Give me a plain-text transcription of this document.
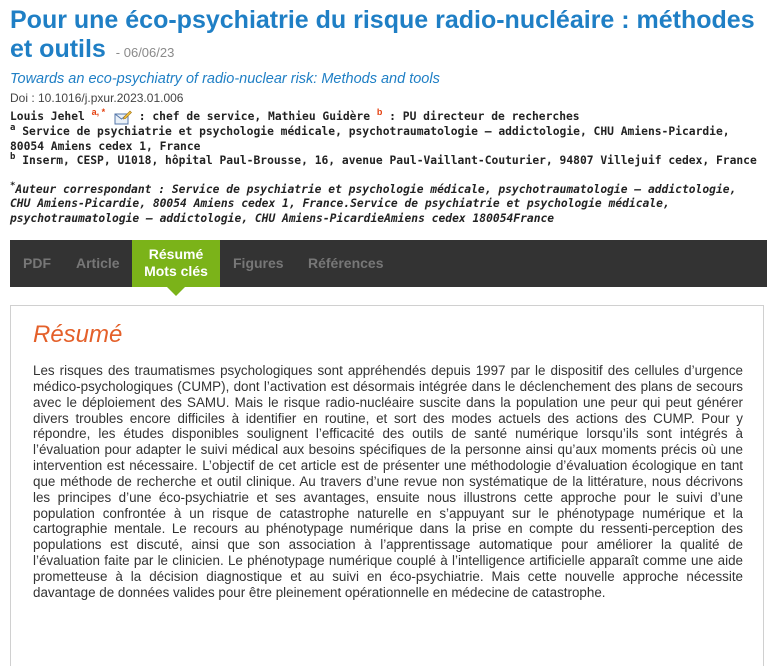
Pour une éco-psychiatrie du risque radio-nucléaire : méthodes et outils - 06/06/23
Towards an eco-psychiatry of radio-nuclear risk: Methods and tools
Doi : 10.1016/j.pxur.2023.01.006
Louis Jehel $^{a, *}$	: chef de service, Mathieu Guidère $^b$ : PU directeur de recherches
$^a$ Service de psychiatrie et psychologie médicale, psychotraumatologie – addictologie, CHU Amiens-Picardie, 80054 Amiens cedex 1, France
$^b$ Inserm, CESP, U1018, hôpital Paul-Brousse, 16, avenue Paul-Vaillant-Couturier, 94807 Villejuif cedex, France
*Auteur correspondant : Service de psychiatrie et psychologie médicale, psychotraumatologie – addictologie, CHU Amiens-Picardie, 80054 Amiens cedex 1, France.Service de psychiatrie et psychologie médicale, psychotraumatologie – addictologie, CHU Amiens-PicardieAmiens cedex 180054France
PDF Article
Résumé
Mots clés	Figures Références
Résumé

Les risques des traumatismes psychologiques sont appréhendés depuis 1997 par le dispositif des cellules d’urgence médico-psychologiques (CUMP), dont l’activation est désormais intégrée dans le déclenchement des plans de secours avec le déploiement des SAMU. Mais le risque radio-nucléaire suscite dans la population une peur qui peut générer divers troubles encore difficiles à identifier en routine, et sort des modes actuels des actions des CUMP. Pour y répondre, les études disponibles soulignent l’efficacité des outils de santé numérique lorsqu’ils sont intégrés à l’évaluation pour adapter le suivi médical aux besoins spécifiques de la personne ainsi qu’aux moments précis où une intervention est nécessaire. L’objectif de cet article est de présenter une méthodologie d’évaluation écologique en tant que méthode de recherche et outil clinique. Au travers d’une revue non systématique de la littérature, nous décrivons les principes d’une éco-psychiatrie et ses avantages, ensuite nous illustrons cette approche pour le suivi d’une population confrontée à un risque de catastrophe naturelle en s’appuyant sur le phénotypage numérique et la cartographie mentale. Le recours au phénotypage numérique dans la prise en compte du ressenti-perception des populations est discuté, ainsi que son association à l’apprentissage automatique pour améliorer la qualité de l’évaluation faite par le clinicien. Le phénotypage numérique couplé à l’intelligence artificielle apparaît comme une aide prometteuse à la décision diagnostique et au suivi en éco-psychiatrie. Mais cette nouvelle approche nécessite davantage de données valides pour être pleinement opérationnelle en médecine de catastrophe.
